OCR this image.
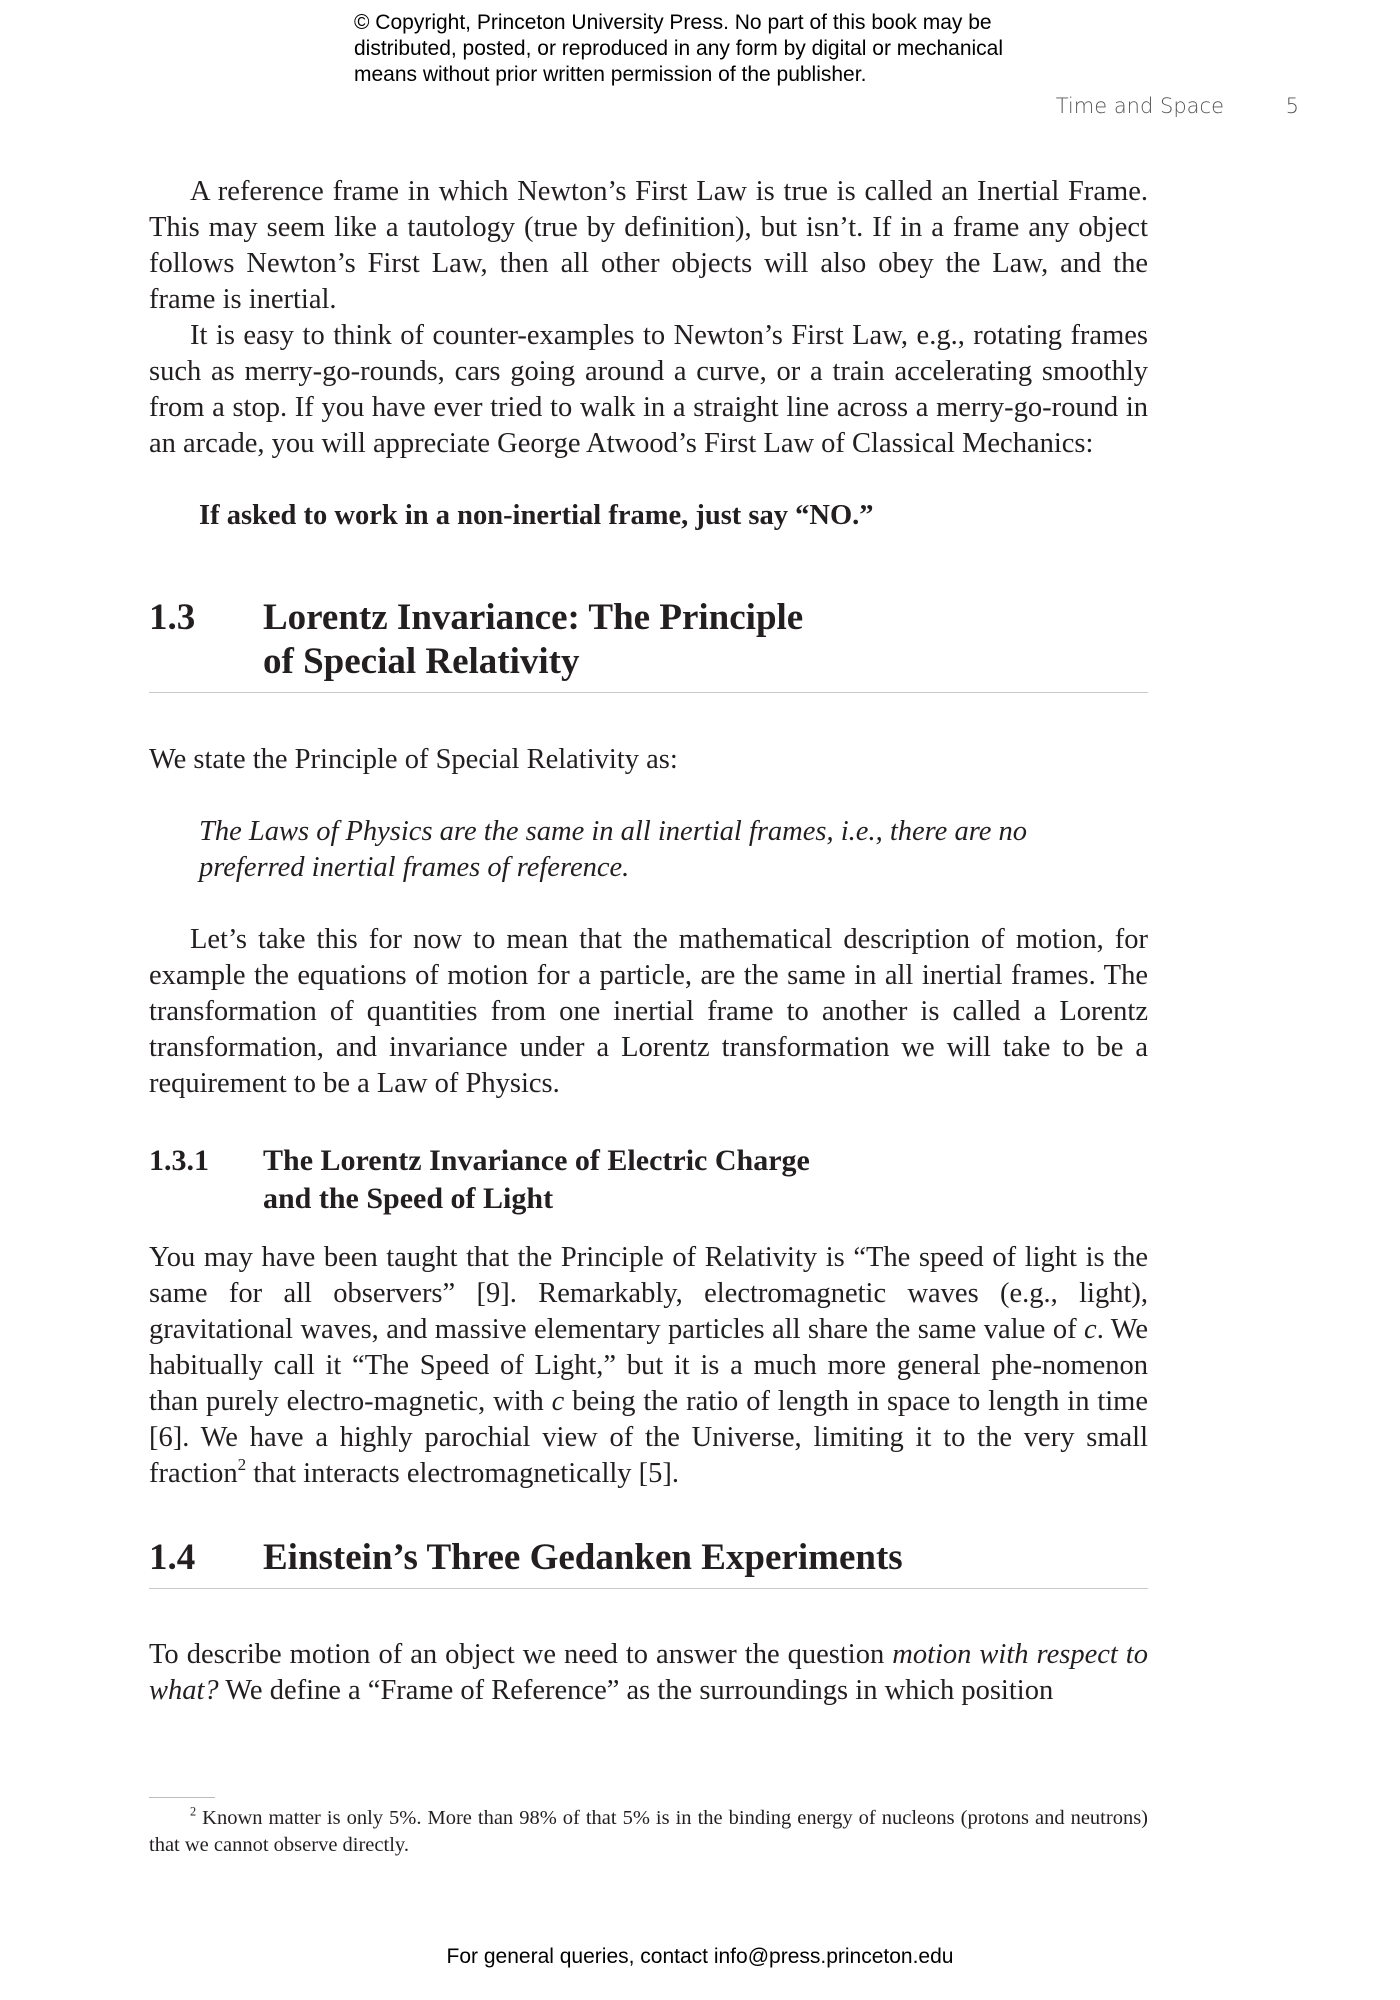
© Copyright, Princeton University Press. No part of this book may be
distributed, posted, or reproduced in any form by digital or mechanical
means without prior written permission of the publisher.
Time and Space	5

A reference frame in which Newton’s First Law is true is called an Inertial Frame. This may seem like a tautology (true by definition), but isn’t. If in a frame any object follows Newton’s First Law, then all other objects will also obey the Law, and the frame is inertial.

It is easy to think of counter-examples to Newton’s First Law, e.g., rotating frames such as merry-go-rounds, cars going around a curve, or a train accelerating smoothly from a stop. If you have ever tried to walk in a straight line across a merry-go-round in an arcade, you will appreciate George Atwood’s First Law of Classical Mechanics:

If asked to work in a non-inertial frame, just say “NO.”

1.3	Lorentz Invariance: The Principle
of Special Relativity

We state the Principle of Special Relativity as:

The Laws of Physics are the same in all inertial frames, i.e., there are no
preferred inertial frames of reference.

Let’s take this for now to mean that the mathematical description of motion, for example the equations of motion for a particle, are the same in all inertial frames. The transformation of quantities from one inertial frame to another is called a Lorentz transformation, and invariance under a Lorentz transformation we will take to be a requirement to be a Law of Physics.

1.3.1	The Lorentz Invariance of Electric Charge
and the Speed of Light

You may have been taught that the Principle of Relativity is “The speed of light is the same for all observers” [9]. Remarkably, electromagnetic waves (e.g., light), gravitational waves, and massive elementary particles all share the same value of c. We habitually call it “The Speed of Light,” but it is a much more general phe-nomenon than purely electro-magnetic, with c being the ratio of length in space to length in time [6]. We have a highly parochial view of the Universe, limiting it to the very small fraction$^2$ that interacts electromagnetically [5].

1.4	Einstein’s Three Gedanken Experiments

To describe motion of an object we need to answer the question motion with respect to what? We define a “Frame of Reference” as the surroundings in which position

$^2$ Known matter is only 5%. More than 98% of that 5% is in the binding energy of nucleons (protons and neutrons) that we cannot observe directly.

For general queries, contact info@press.princeton.edu
